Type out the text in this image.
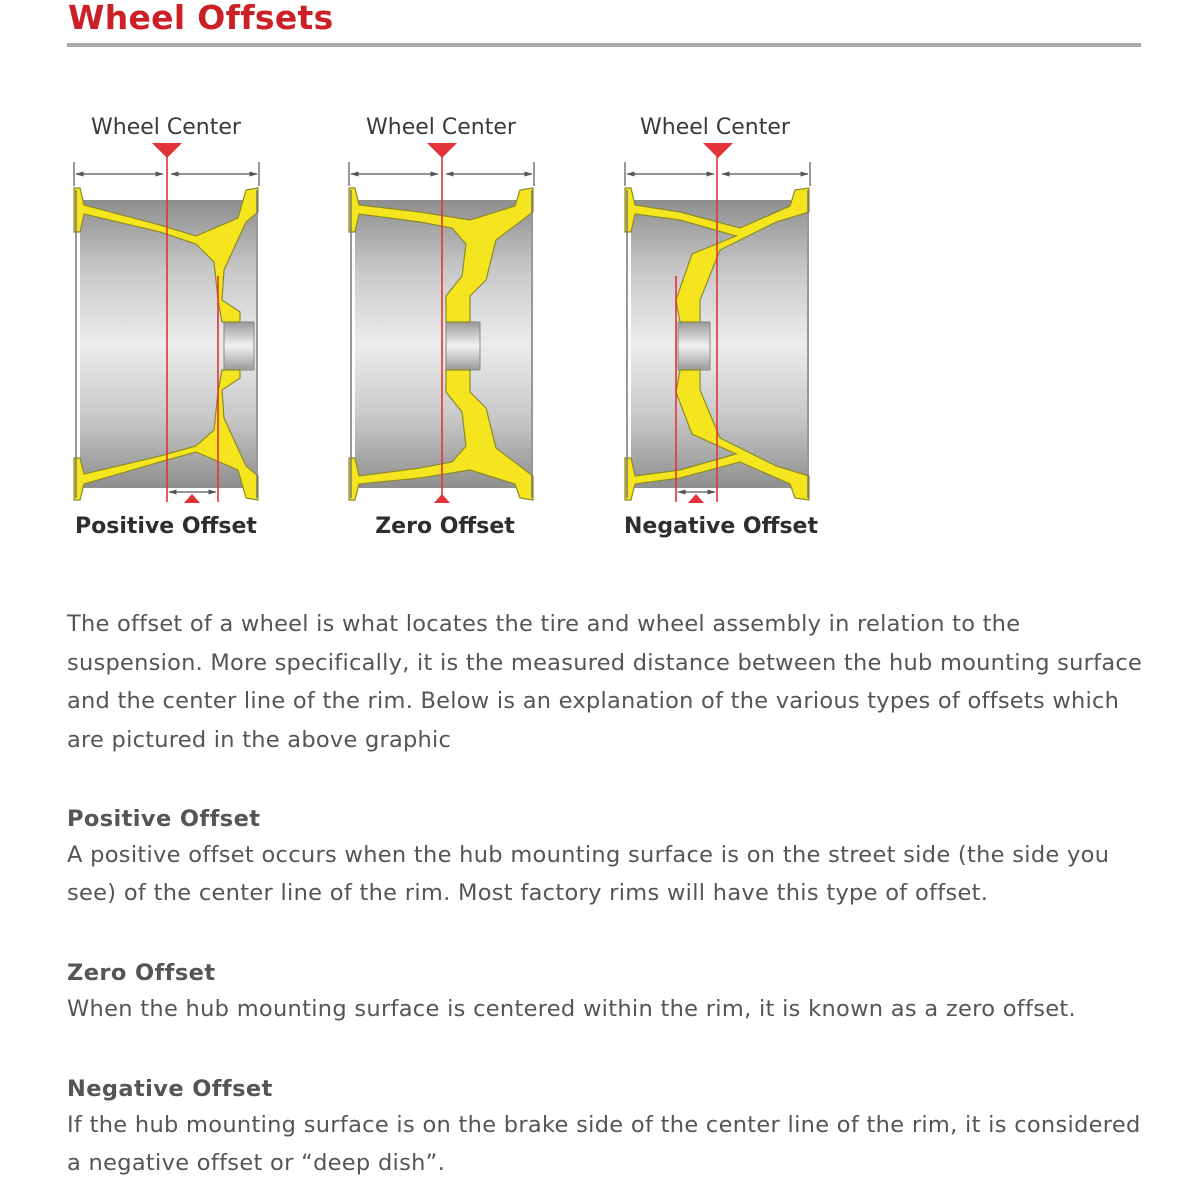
Wheel Offsets
Wheel Center
Positive Offset
Wheel Center
Zero Offset
Wheel Center
Negative Offset

The offset of a wheel is what locates the tire and wheel assembly in relation to the suspension. More specifically, it is the measured distance between the hub mounting surface and the center line of the rim. Below is an explanation of the various types of offsets which are pictured in the above graphic

Positive Offset

A positive offset occurs when the hub mounting surface is on the street side (the side you see) of the center line of the rim. Most factory rims will have this type of offset.

Zero Offset

When the hub mounting surface is centered within the rim, it is known as a zero offset.

Negative Offset

If the hub mounting surface is on the brake side of the center line of the rim, it is considered a negative offset or “deep dish”.
